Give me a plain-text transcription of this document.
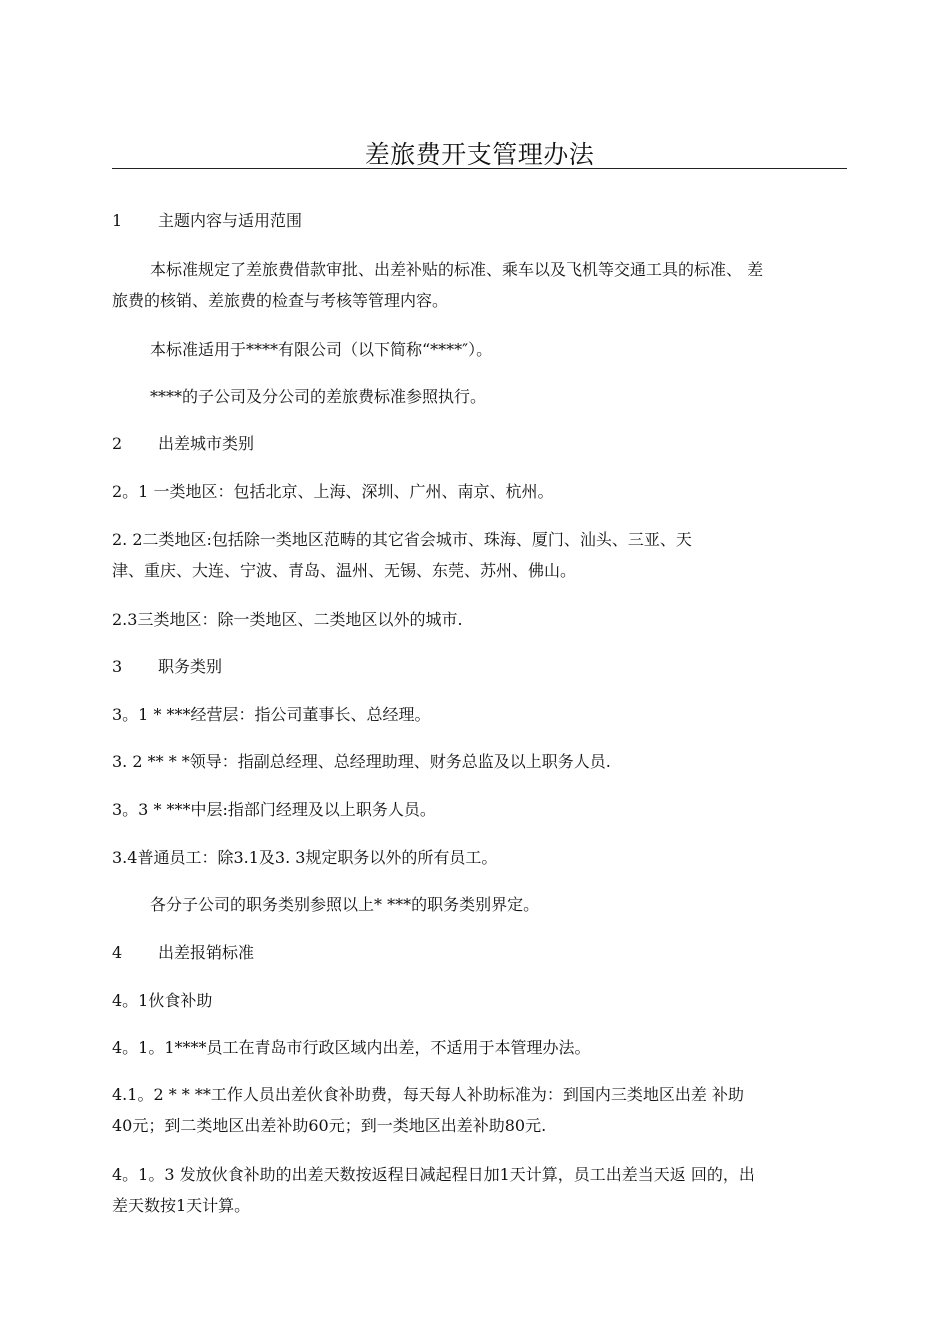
差旅费开支管理办法
1 主题内容与适用范围
本标准规定了差旅费借款审批、出差补贴的标准、乘车以及飞机等交通工具的标准、 差
旅费的核销、差旅费的检查与考核等管理内容。
本标准适用于****有限公司（以下简称“****″）。
****的子公司及分公司的差旅费标准参照执行。
2 出差城市类别
2。1 一类地区：包括北京、上海、深圳、广州、南京、杭州。
2. 2二类地区:包括除一类地区范畴的其它省会城市、珠海、厦门、汕头、三亚、天
津、重庆、大连、宁波、青岛、温州、无锡、东莞、苏州、佛山。
2.3三类地区：除一类地区、二类地区以外的城市.
3 职务类别
3。1 * ***经营层：指公司董事长、总经理。
3. 2 ** * *领导：指副总经理、总经理助理、财务总监及以上职务人员.
3。3 * ***中层:指部门经理及以上职务人员。
3.4普通员工：除3.1及3. 3规定职务以外的所有员工。
各分子公司的职务类别参照以上* ***的职务类别界定。
4 出差报销标准
4。1伙食补助
4。1。1****员工在青岛市行政区域内出差，不适用于本管理办法。
4.1。2 * * **工作人员出差伙食补助费，每天每人补助标准为：到国内三类地区出差 补助
40元；到二类地区出差补助60元；到一类地区出差补助80元.
4。1。3 发放伙食补助的出差天数按返程日减起程日加1天计算，员工出差当天返 回的，出
差天数按1天计算。
